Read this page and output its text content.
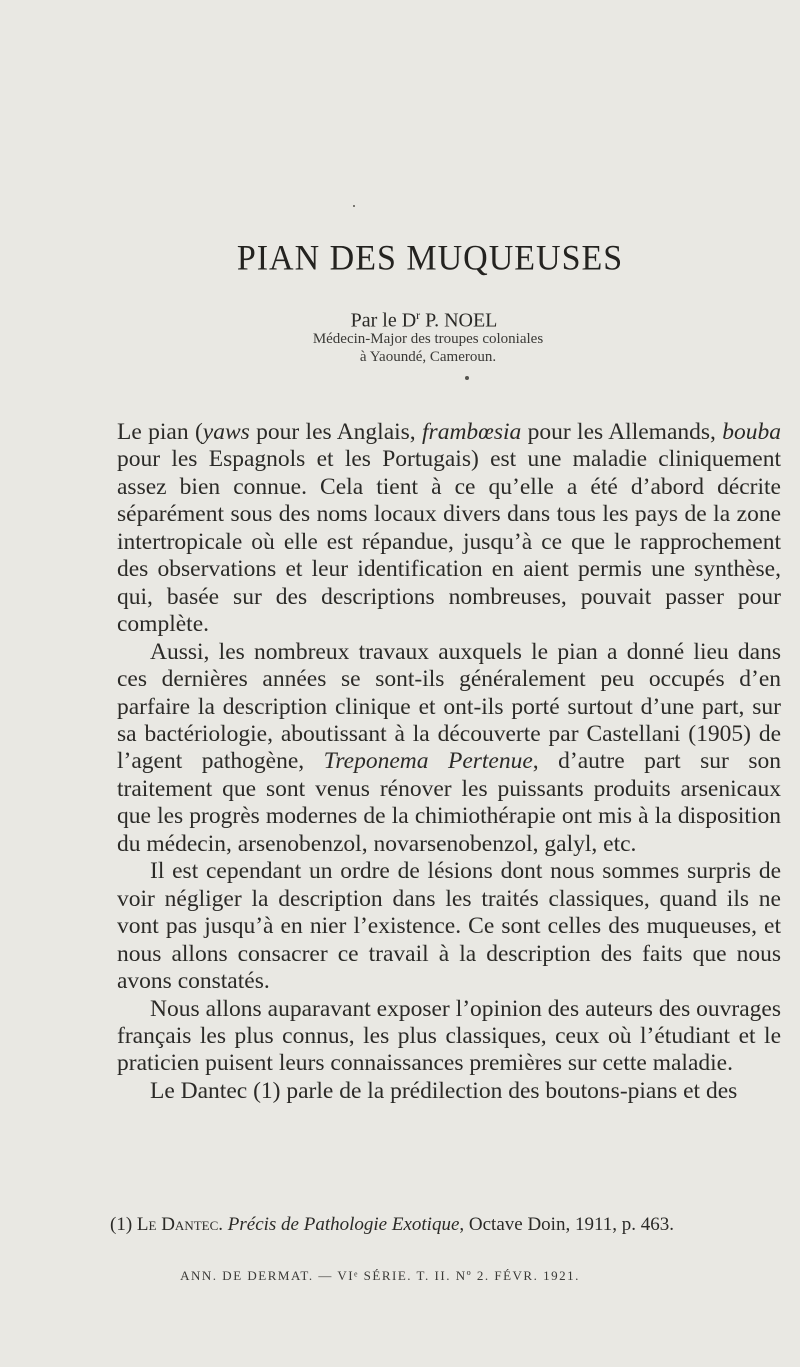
PIAN DES MUQUEUSES
Par le $D^r$ P. NOEL
Médecin-Major des troupes coloniales
à Yaoundé, Cameroun.

Le pian (yaws pour les Anglais, frambœsia pour les Allemands, bouba pour les Espagnols et les Portugais) est une maladie cliniquement assez bien connue. Cela tient à ce qu’elle a été d’abord décrite séparément sous des noms locaux divers dans tous les pays de la zone intertropicale où elle est répandue, jusqu’à ce que le rapprochement des observations et leur identification en aient permis une synthèse, qui, basée sur des descriptions nombreuses, pouvait passer pour complète.

Aussi, les nombreux travaux auxquels le pian a donné lieu dans ces dernières années se sont-ils généralement peu occupés d’en parfaire la description clinique et ont-ils porté surtout d’une part, sur sa bactériologie, aboutissant à la découverte par Castellani (1905) de l’agent pathogène, Treponema Pertenue, d’autre part sur son traitement que sont venus rénover les puissants produits arsenicaux que les progrès modernes de la chimiothérapie ont mis à la disposition du médecin, arsenobenzol, novarsenobenzol, galyl, etc.

Il est cependant un ordre de lésions dont nous sommes surpris de voir négliger la description dans les traités classiques, quand ils ne vont pas jusqu’à en nier l’existence. Ce sont celles des muqueuses, et nous allons consacrer ce travail à la description des faits que nous avons constatés.

Nous allons auparavant exposer l’opinion des auteurs des ouvrages français les plus connus, les plus classiques, ceux où l’étudiant et le praticien puisent leurs connaissances premières sur cette maladie.

Le Dantec (1) parle de la prédilection des boutons-pians et des

(1) Le Dantec. Précis de Pathologie Exotique, Octave Doin, 1911, p. 463.
ANN. DE DERMAT. — VIᵉ SÉRIE. T. II. Nº 2. FÉVR. 1921.
